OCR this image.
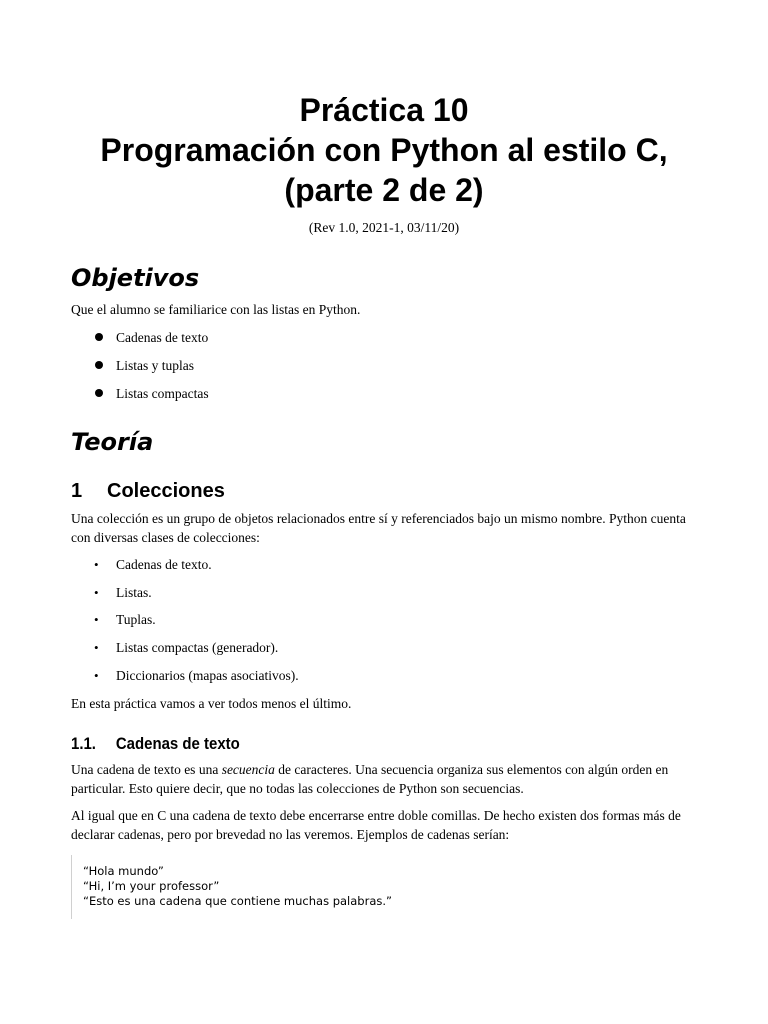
Práctica 10
Programación con Python al estilo C,
(parte 2 de 2)
(Rev 1.0, 2021-1, 03/11/20)
Objetivos

Que el alumno se familiarice con las listas en Python.

Cadenas de texto
Listas y tuplas
Listas compactas
Teoría
1 Colecciones

Una colección es un grupo de objetos relacionados entre sí y referenciados bajo un mismo nombre. Python cuenta con diversas clases de colecciones:

• Cadenas de texto.
• Listas.
• Tuplas.
• Listas compactas (generador).
• Diccionarios (mapas asociativos).

En esta práctica vamos a ver todos menos el último.

1.1. Cadenas de texto

Una cadena de texto es una secuencia de caracteres. Una secuencia organiza sus elementos con algún orden en particular. Esto quiere decir, que no todas las colecciones de Python son secuencias.

Al igual que en C una cadena de texto debe encerrarse entre doble comillas. De hecho existen dos formas más de declarar cadenas, pero por brevedad no las veremos. Ejemplos de cadenas serían:

“Hola mundo”
“Hi, I’m your professor”
“Esto es una cadena que contiene muchas palabras.”
